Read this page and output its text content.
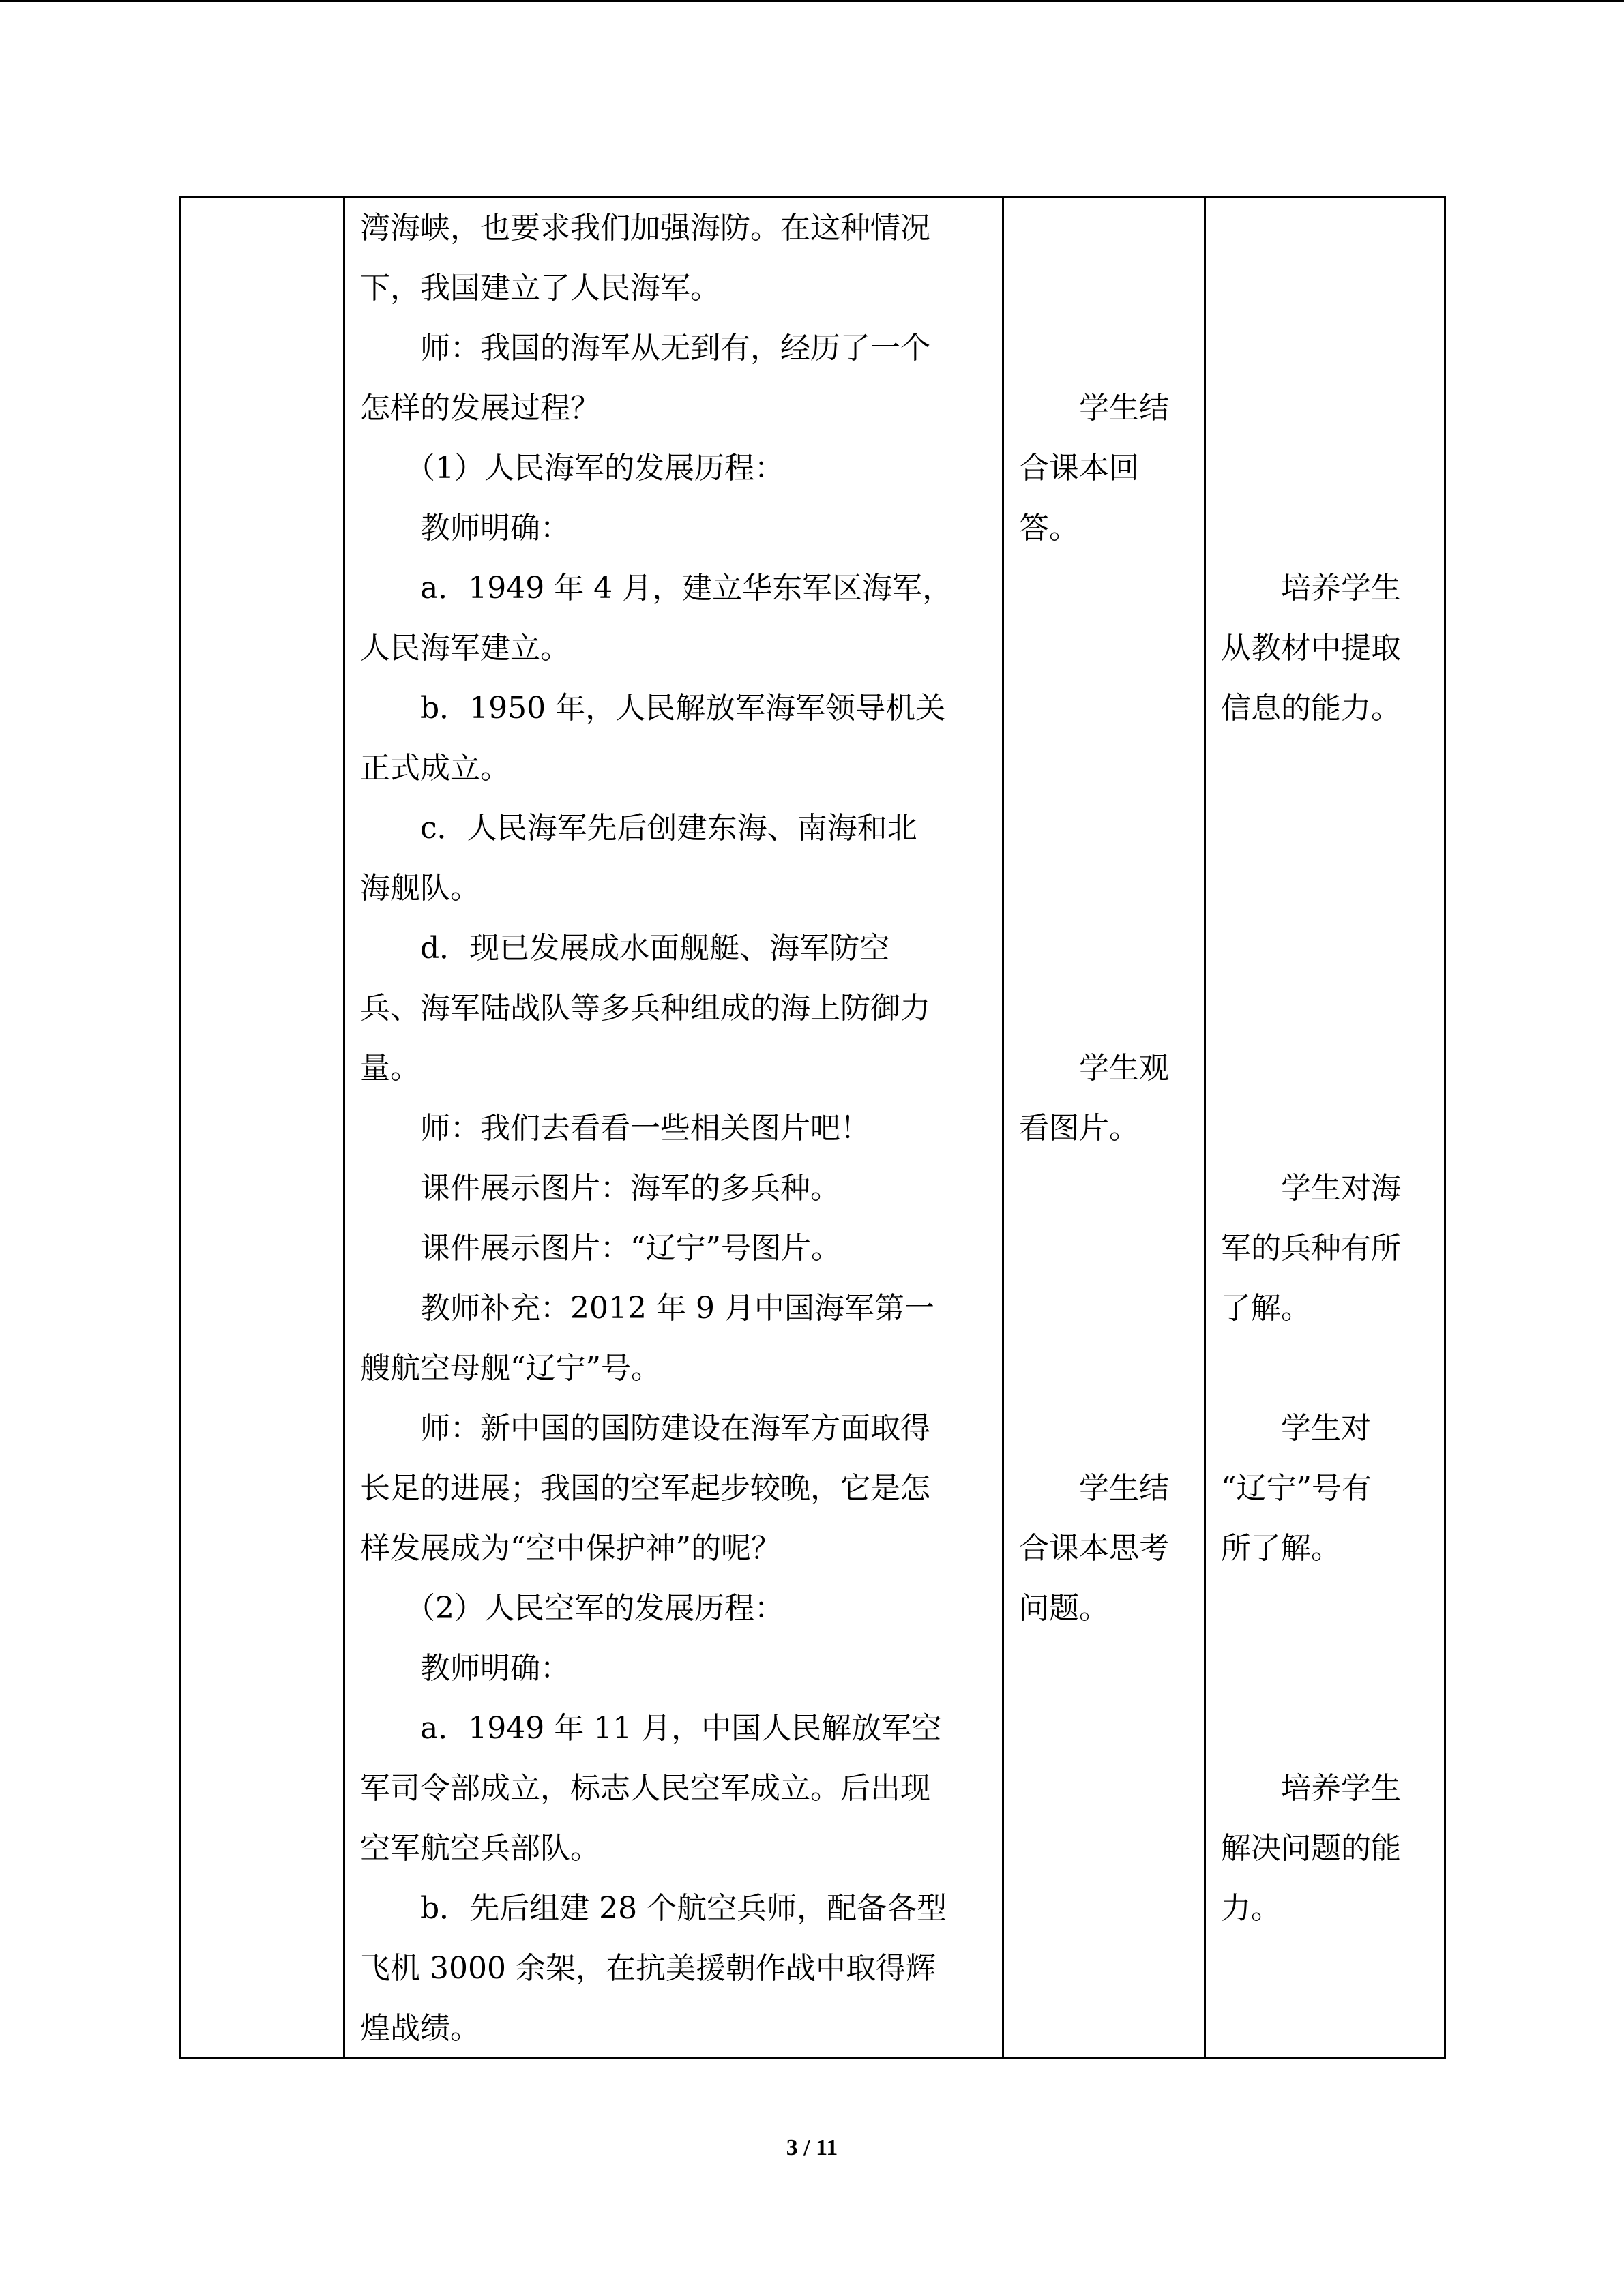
湾海峡，也要求我们加强海防。在这种情况
下，我国建立了人民海军。
　　师：我国的海军从无到有，经历了一个
怎样的发展过程？
　　（1）人民海军的发展历程：
　　教师明确：
　　a．1949 年 4 月，建立华东军区海军，
人民海军建立。
　　b．1950 年，人民解放军海军领导机关
正式成立。
　　c．人民海军先后创建东海、南海和北
海舰队。
　　d．现已发展成水面舰艇、海军防空
兵、海军陆战队等多兵种组成的海上防御力
量。
　　师：我们去看看一些相关图片吧！
　　课件展示图片：海军的多兵种。
　　课件展示图片：“辽宁”号图片。
　　教师补充：2012 年 9 月中国海军第一
艘航空母舰“辽宁”号。
　　师：新中国的国防建设在海军方面取得
长足的进展；我国的空军起步较晚，它是怎
样发展成为“空中保护神”的呢？
　　（2）人民空军的发展历程：
　　教师明确：
　　a．1949 年 11 月，中国人民解放军空
军司令部成立，标志人民空军成立。后出现
空军航空兵部队。
　　b．先后组建 28 个航空兵师，配备各型
飞机 3000 余架，在抗美援朝作战中取得辉
煌战绩。
　　学生结
合课本回
答。
　　学生观
看图片。
　　学生结
合课本思考
问题。
　　培养学生
从教材中提取
信息的能力。
　　学生对海
军的兵种有所
了解。
　　学生对
“辽宁”号有
所了解。
　　培养学生
解决问题的能
力。
3 / 11
